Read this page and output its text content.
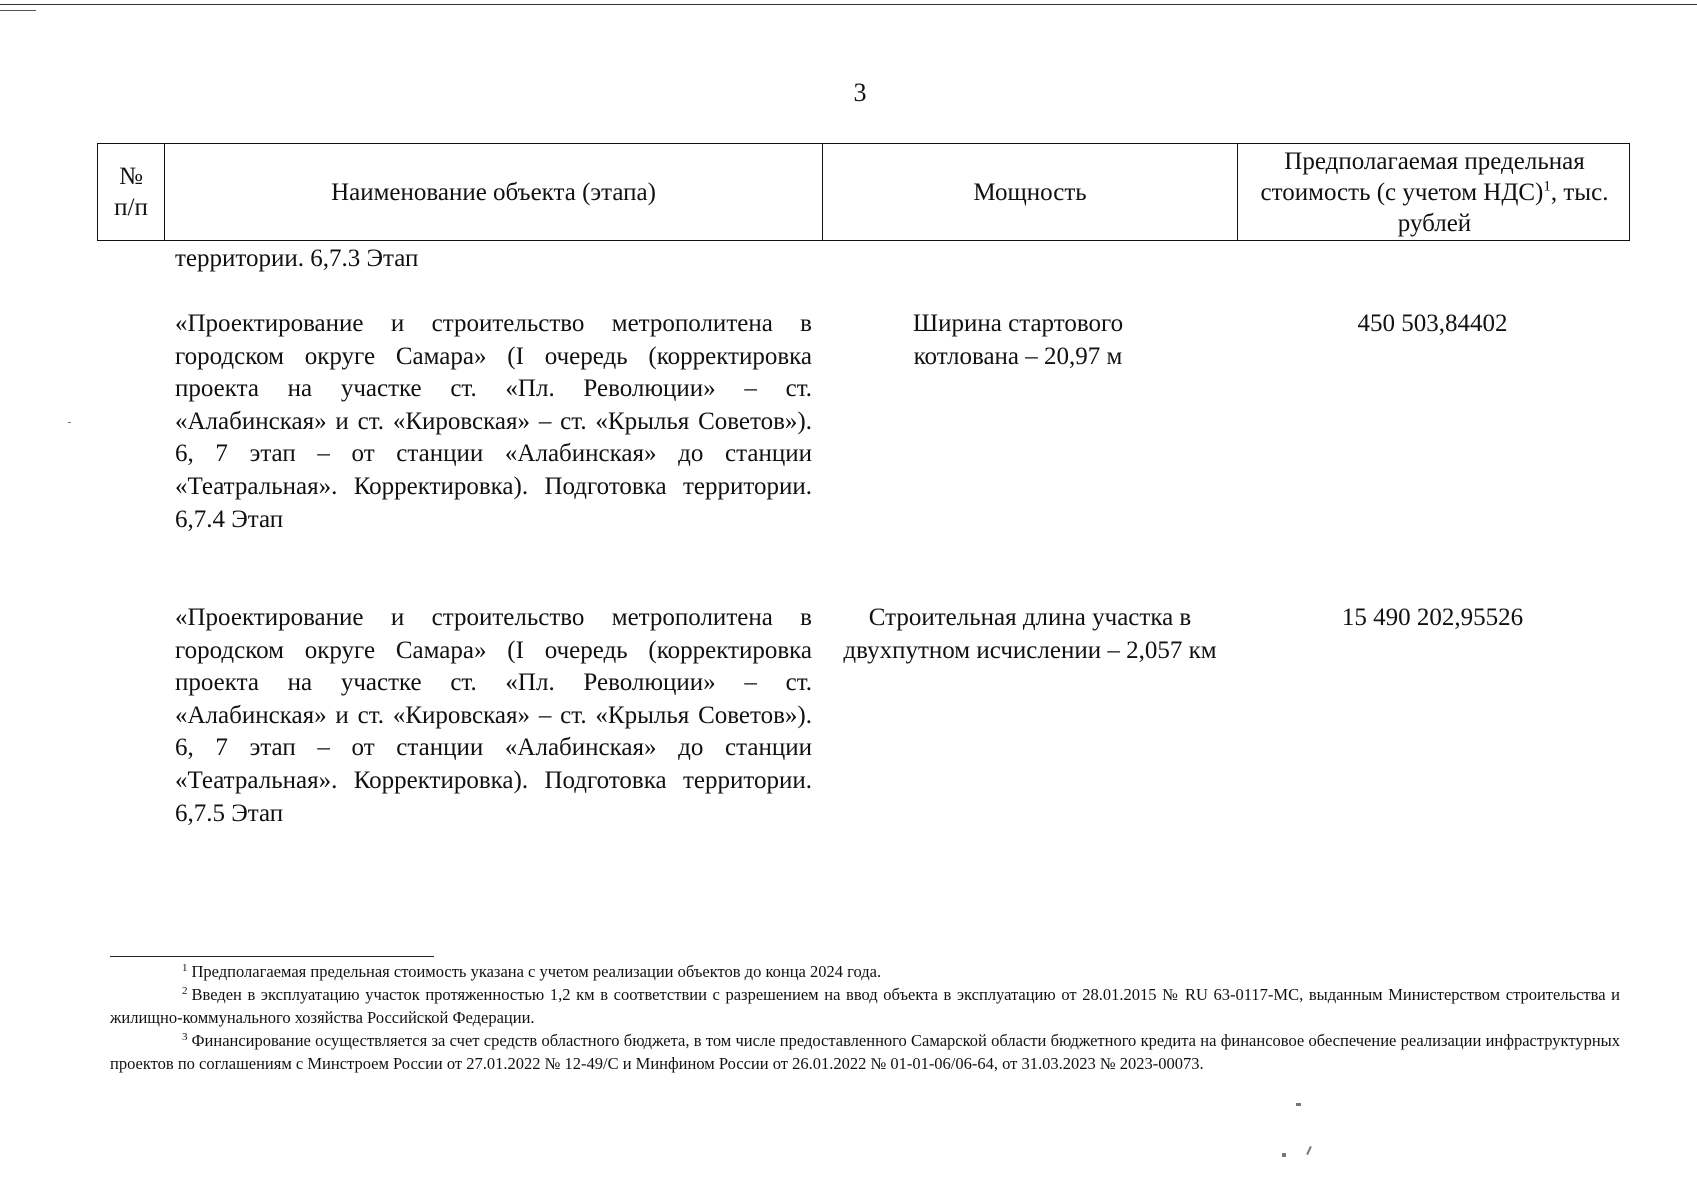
3
№ п/п
Наименование объекта (этапа)	Мощность
Предполагаемая предельная стоимость (с учетом НДС)$^1$, тыс. рублей
территории. 6,7.3 Этап
«Проектирование и строительство метрополитена в городском округе Самара» (I очередь (корректировка проекта на участке ст. «Пл. Революции» – ст. «Алабинская» и ст. «Кировская» – ст. «Крылья Советов»). 6, 7 этап – от станции «Алабинская» до станции «Театральная». Корректировка). Подготовка территории. 6,7.4 Этап
Ширина стартового котлована – 20,97 м
450 503,84402
«Проектирование и строительство метрополитена в городском округе Самара» (I очередь (корректировка проекта на участке ст. «Пл. Революции» – ст. «Алабинская» и ст. «Кировская» – ст. «Крылья Советов»). 6, 7 этап – от станции «Алабинская» до станции «Театральная». Корректировка). Подготовка территории. 6,7.5 Этап
Строительная длина участка в двухпутном исчислении – 2,057 км
15 490 202,95526

$^1$ Предполагаемая предельная стоимость указана с учетом реализации объектов до конца 2024 года.

$^2$ Введен в эксплуатацию участок протяженностью 1,2 км в соответствии с разрешением на ввод объекта в эксплуатацию от 28.01.2015 № RU 63-0117-МС, выданным Министерством строительства и жилищно-коммунального хозяйства Российской Федерации.

$^3$ Финансирование осуществляется за счет средств областного бюджета, в том числе предоставленного Самарской области бюджетного кредита на финансовое обеспечение реализации инфраструктурных проектов по соглашениям с Минстроем России от 27.01.2022 № 12-49/С и Минфином России от 26.01.2022 № 01-01-06/06-64, от 31.03.2023 № 2023-00073.
